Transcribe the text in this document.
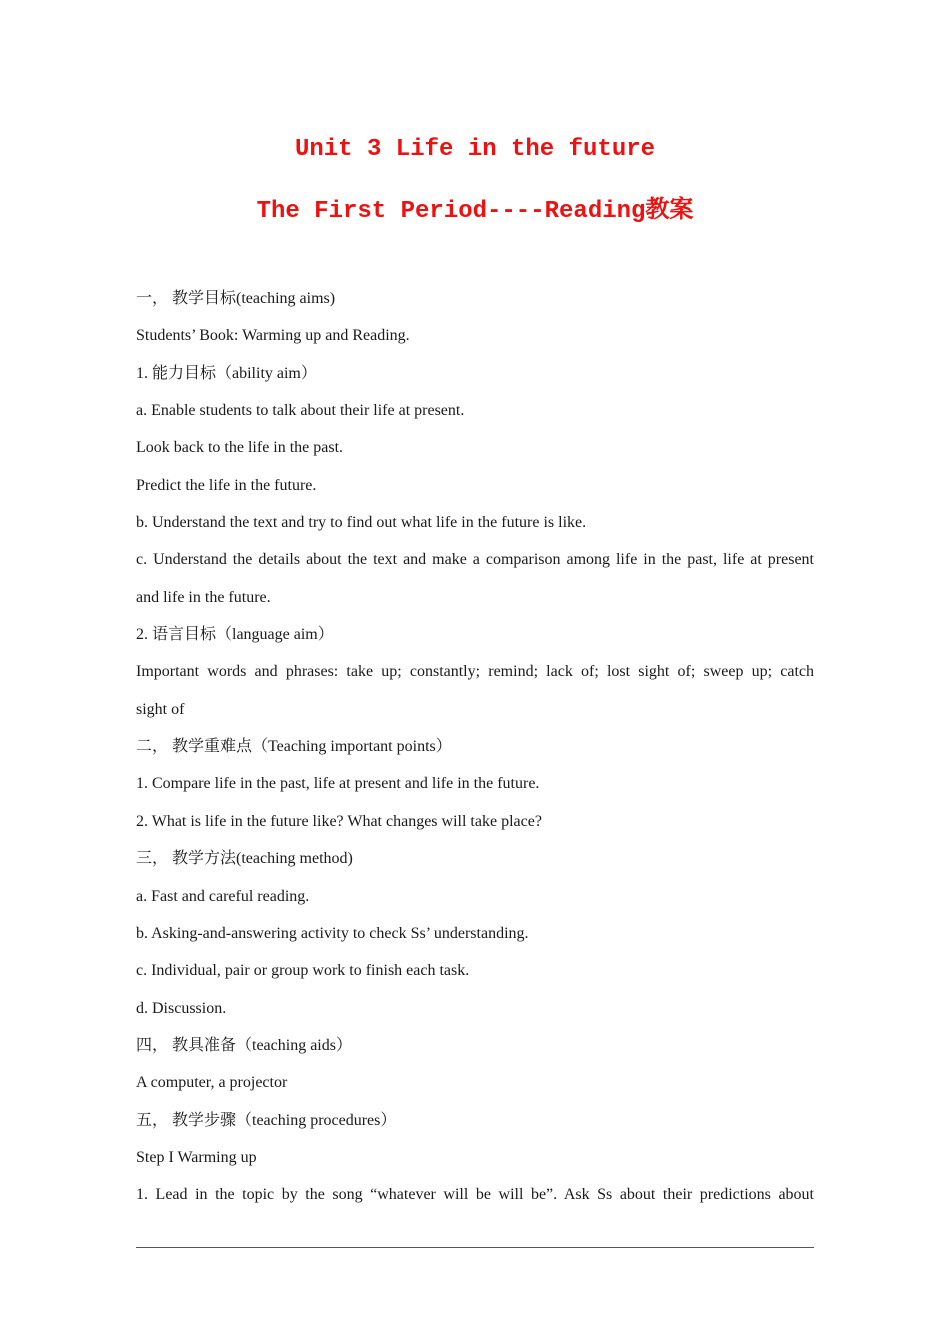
Unit 3 Life in the future
The First Period----Reading教案
一， 教学目标(teaching aims)
Students’ Book: Warming up and Reading.
1. 能力目标（ability aim）
a. Enable students to talk about their life at present.
Look back to the life in the past.
Predict the life in the future.
b. Understand the text and try to find out what life in the future is like.
c. Understand the details about the text and make a comparison among life in the past, life at present
and life in the future.
2. 语言目标（language aim）
Important words and phrases: take up; constantly; remind; lack of; lost sight of; sweep up; catch
sight of
二， 教学重难点（Teaching important points）
1. Compare life in the past, life at present and life in the future.
2. What is life in the future like? What changes will take place?
三， 教学方法(teaching method)
a. Fast and careful reading.
b. Asking-and-answering activity to check Ss’ understanding.
c. Individual, pair or group work to finish each task.
d. Discussion.
四， 教具准备（teaching aids）
A computer, a projector
五， 教学步骤（teaching procedures）
Step I Warming up
1. Lead in the topic by the song “whatever will be will be”. Ask Ss about their predictions about
